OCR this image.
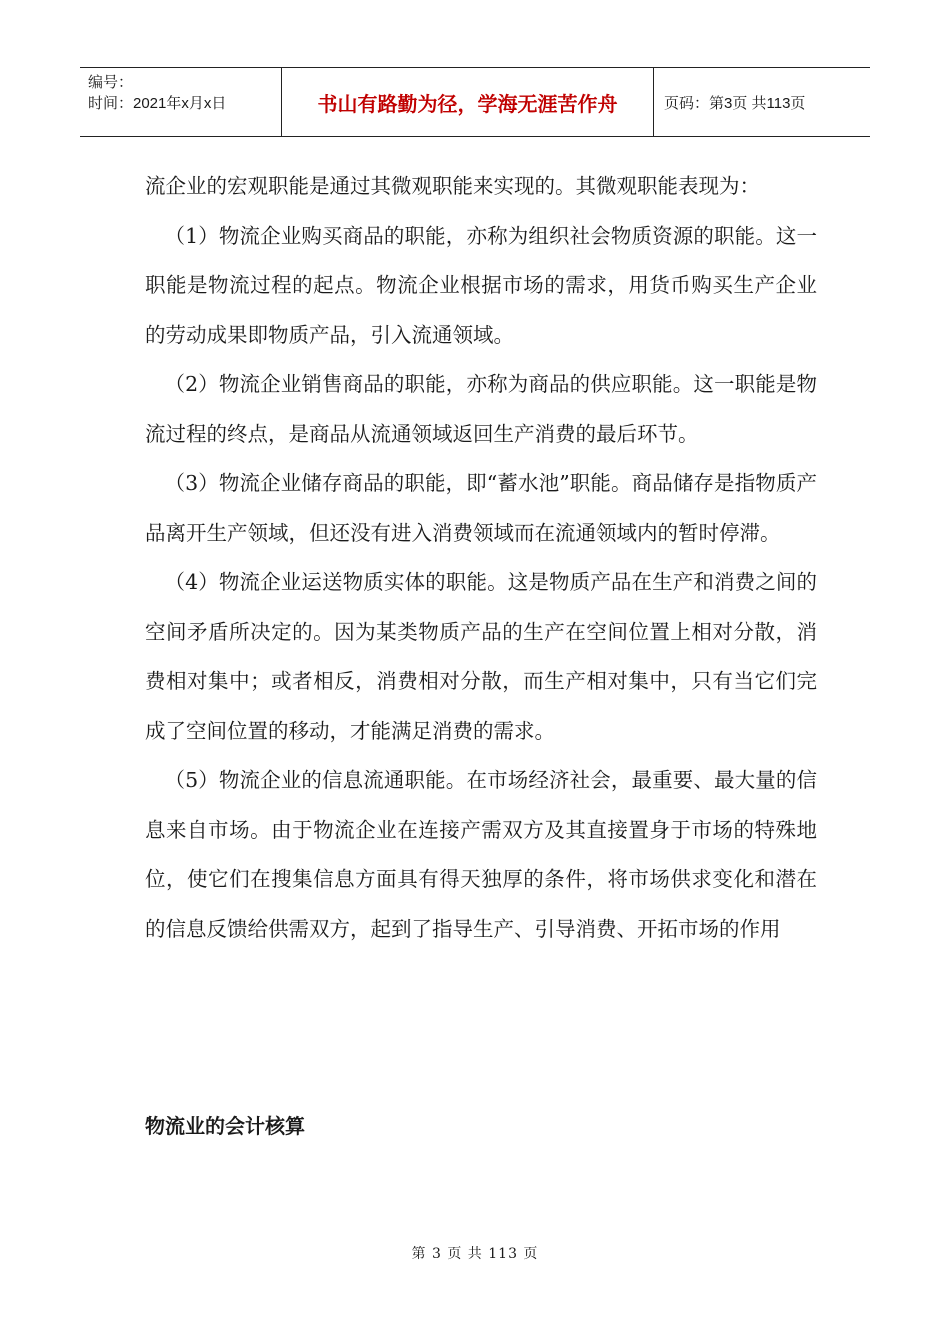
编号：
时间：2021年x月x日	书山有路勤为径，学海无涯苦作舟	页码：第3页 共113页

流企业的宏观职能是通过其微观职能来实现的。其微观职能表现为：

（1）物流企业购买商品的职能，亦称为组织社会物质资源的职能。这一职能是物流过程的起点。物流企业根据市场的需求，用货币购买生产企业的劳动成果即物质产品，引入流通领域。

（2）物流企业销售商品的职能，亦称为商品的供应职能。这一职能是物流过程的终点，是商品从流通领域返回生产消费的最后环节。

（3）物流企业储存商品的职能，即“蓄水池”职能。商品储存是指物质产品离开生产领域，但还没有进入消费领域而在流通领域内的暂时停滞。

（4）物流企业运送物质实体的职能。这是物质产品在生产和消费之间的空间矛盾所决定的。因为某类物质产品的生产在空间位置上相对分散，消费相对集中；或者相反，消费相对分散，而生产相对集中，只有当它们完成了空间位置的移动，才能满足消费的需求。

（5）物流企业的信息流通职能。在市场经济社会，最重要、最大量的信息来自市场。由于物流企业在连接产需双方及其直接置身于市场的特殊地位，使它们在搜集信息方面具有得天独厚的条件，将市场供求变化和潜在的信息反馈给供需双方，起到了指导生产、引导消费、开拓市场的作用

物流业的会计核算
第 3 页 共 113 页
